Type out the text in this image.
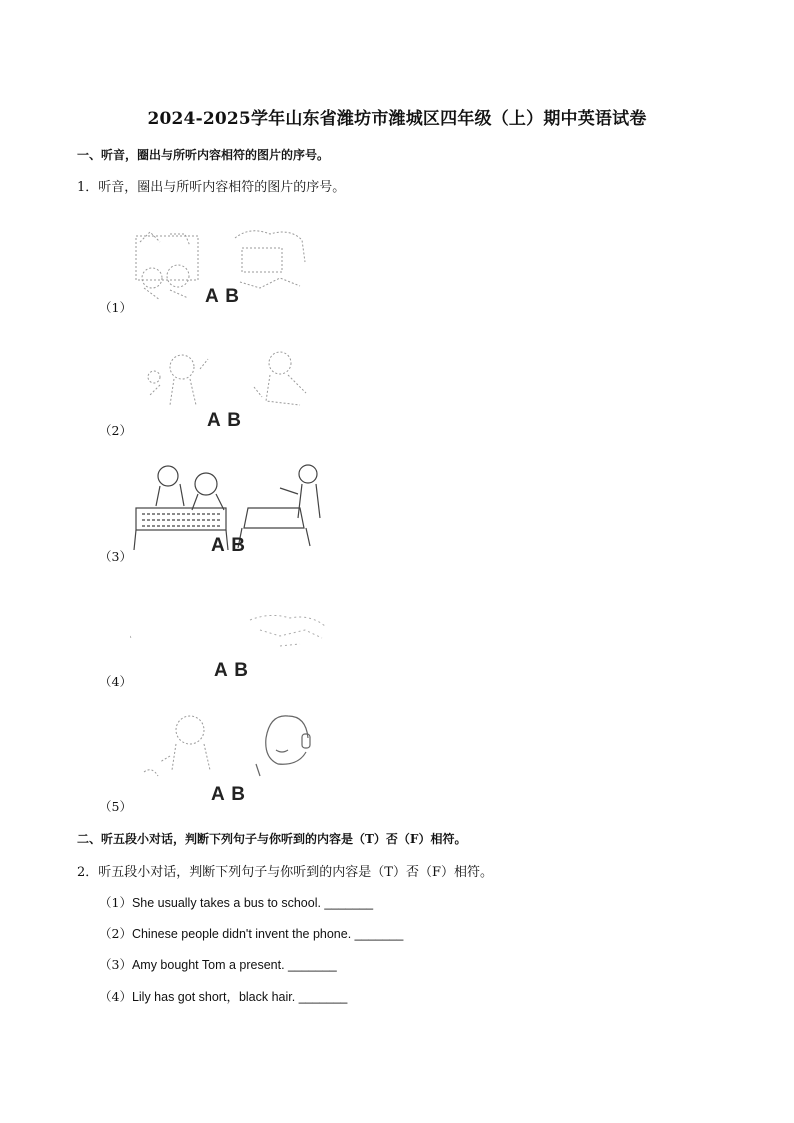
2024-2025学年山东省潍坊市潍城区四年级（上）期中英语试卷
一、听音，圈出与所听内容相符的图片的序号。
1．听音，圈出与所听内容相符的图片的序号。
A B
（1）
A B
（2）
A B
（3）
A B
（4）
A B
（5）
二、听五段小对话，判断下列句子与你听到的内容是（T）否（F）相符。
2．听五段小对话，判断下列句子与你听到的内容是（T）否（F）相符。
（1）She usually takes a bus to school. _______
（2）Chinese people didn't invent the phone. _______
（3）Amy bought Tom a present. _______
（4）Lily has got short，black hair. _______
